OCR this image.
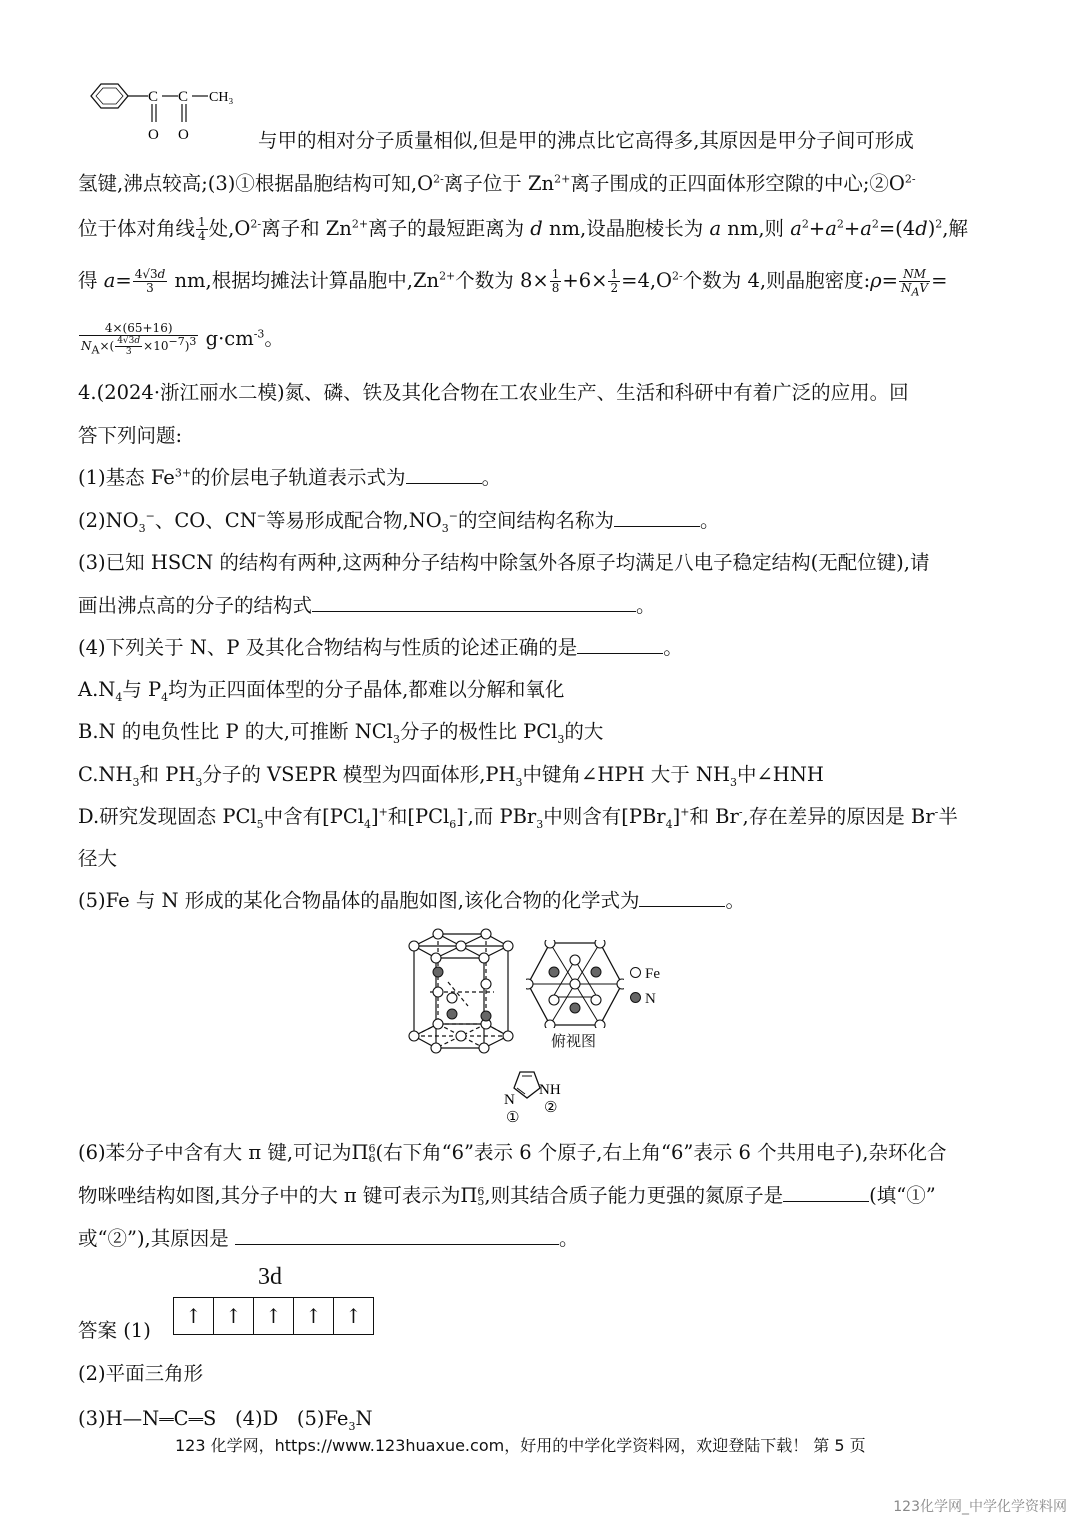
C C CH₃
O O	与甲的相对分子质量相似,但是甲的沸点比它高得多,其原因是甲分子间可形成
氢键,沸点较高;(3)①根据晶胞结构可知$,O^{2-}$离子位于 $Zn^{2+}$离子围成的正四面体形空隙的中心$;②O^{2-}$
位于体对角线 $\frac{1}{4}$ 处$,O^{2-}$离子和 $Zn^{2+}$离子的最短距离为 d nm,设晶胞棱长为 a nm,则 $a^2+a^2+a^2=(4d)^2$,解
得 $a= \frac{4√3d}{3}$ nm,根据均摊法计算晶胞中$,Zn^{2+}$个数为 $8\times \frac{1}{8} +6\times \frac{1}{2} =4,O^{2-}$个数为 4,则晶胞密度:ρ= $\frac{NM}{N_AV}$ =
$\frac{4\times(65+16)}{N_A\times( \frac{4√3d}{3} \times 10^{-7})^3} g\cdot cm^{-3}$。
4.(2024·浙江丽水二模)氮、磷、铁及其化合物在工农业生产、生活和科研中有着广泛的应用。回
答下列问题:
(1)基态 $Fe^{3+}$的价层电子轨道表示式为	。
$(2)NO_3^-$、CO、CN−等易形成配合物$,NO_3^-$的空间结构名称为	。
(3)已知 HSCN 的结构有两种,这两种分子结构中除氢外各原子均满足八电子稳定结构(无配位键),请
画出沸点高的分子的结构式	。
(4)下列关于 N、P 及其化合物结构与性质的论述正确的是	。
$A.N_4$与 $P_4$均为正四面体型的分子晶体,都难以分解和氧化
B.N 的电负性比 P 的大,可推断 NCl$_3$分子的极性比 PCl$_3$的大
$C.NH_3$和 $PH_3$分子的 VSEPR 模型为四面体形$,PH_3$中键角∠HPH 大于 $NH_3$中∠HNH
D.研究发现固态 PCl$_5$中含有[PCl$_4$]+和[PCl$_6$]-,而 PBr$_3$中则含有[PBr$_4$]+和 Br-,存在差异的原因是 Br-半
径大
(5)Fe 与 N 形成的某化合物晶体的晶胞如图,该化合物的化学式为	。
Fe
N
俯视图
NH
N
①
②
(6)苯分子中含有大 π 键,可记为Π 6
6 (右下角“6”表示 6 个原子,右上角“6”表示 6 个共用电子),杂环化合
物咪唑结构如图,其分子中的大 π 键可表示为Π 6
5 ,则其结合质子能力更强的氮原子是	(填“①”
或“②”),其原因是	。
3d
答案 (1)
↑	↑	↑	↑	↑
(2)平面三角形
(3)H—N══C══S   (4)D   $(5)Fe_3N$
123 化学网，https://www.123huaxue.com，好用的中学化学资料网，欢迎登陆下载！ 第 5 页
123化学网_中学化学资料网
